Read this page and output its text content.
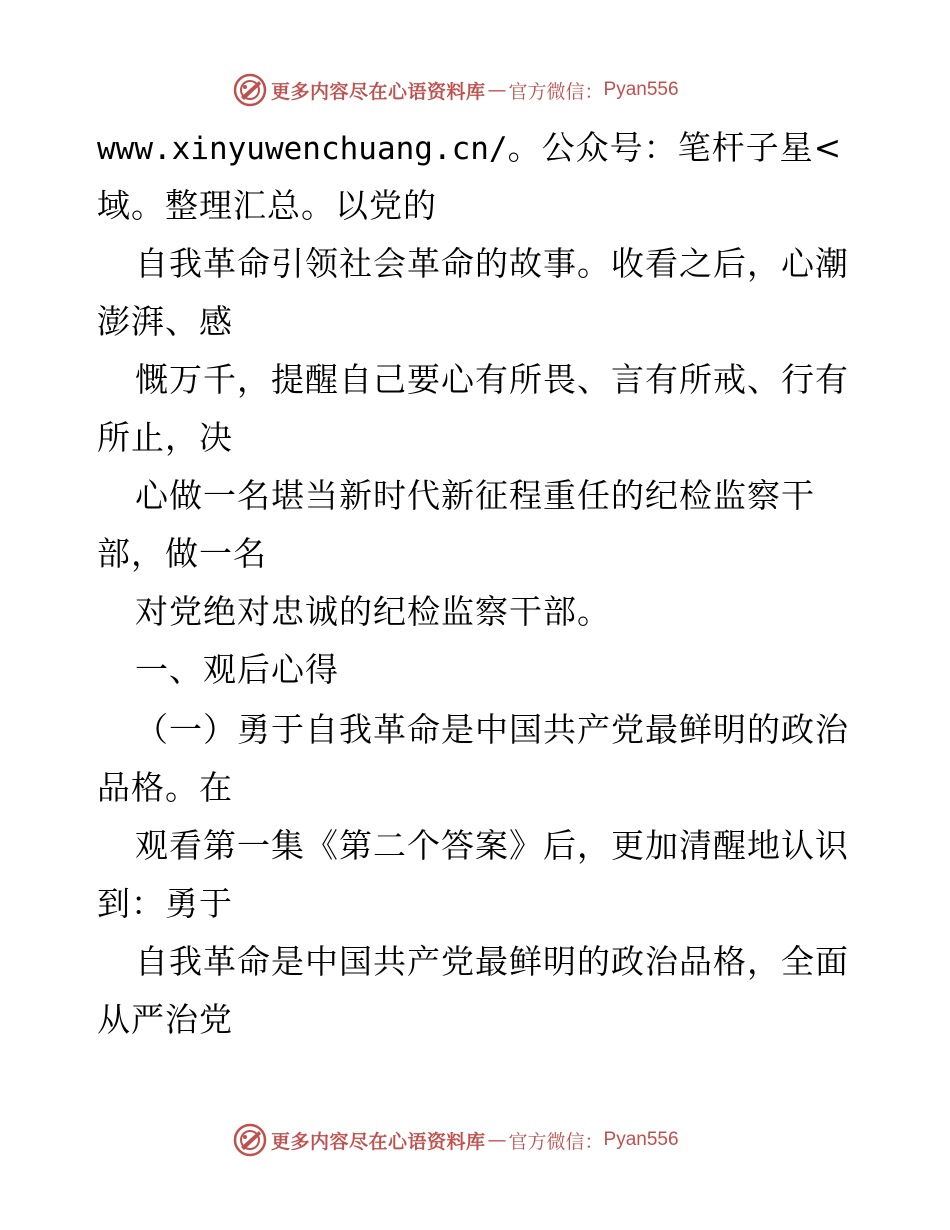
更多内容尽在心语资料库 — 官方微信： Pyan556
www.xinyuwenchuang.cn/。公众号：笔杆子星<
域。整理汇总。以党的
自我革命引领社会革命的故事。收看之后，心潮
澎湃、感
慨万千，提醒自己要心有所畏、言有所戒、行有
所止，决
心做一名堪当新时代新征程重任的纪检监察干
部，做一名
对党绝对忠诚的纪检监察干部。
一、观后心得
（一）勇于自我革命是中国共产党最鲜明的政治
品格。在
观看第一集《第二个答案》后，更加清醒地认识
到：勇于
自我革命是中国共产党最鲜明的政治品格，全面
从严治党
更多内容尽在心语资料库 — 官方微信： Pyan556
